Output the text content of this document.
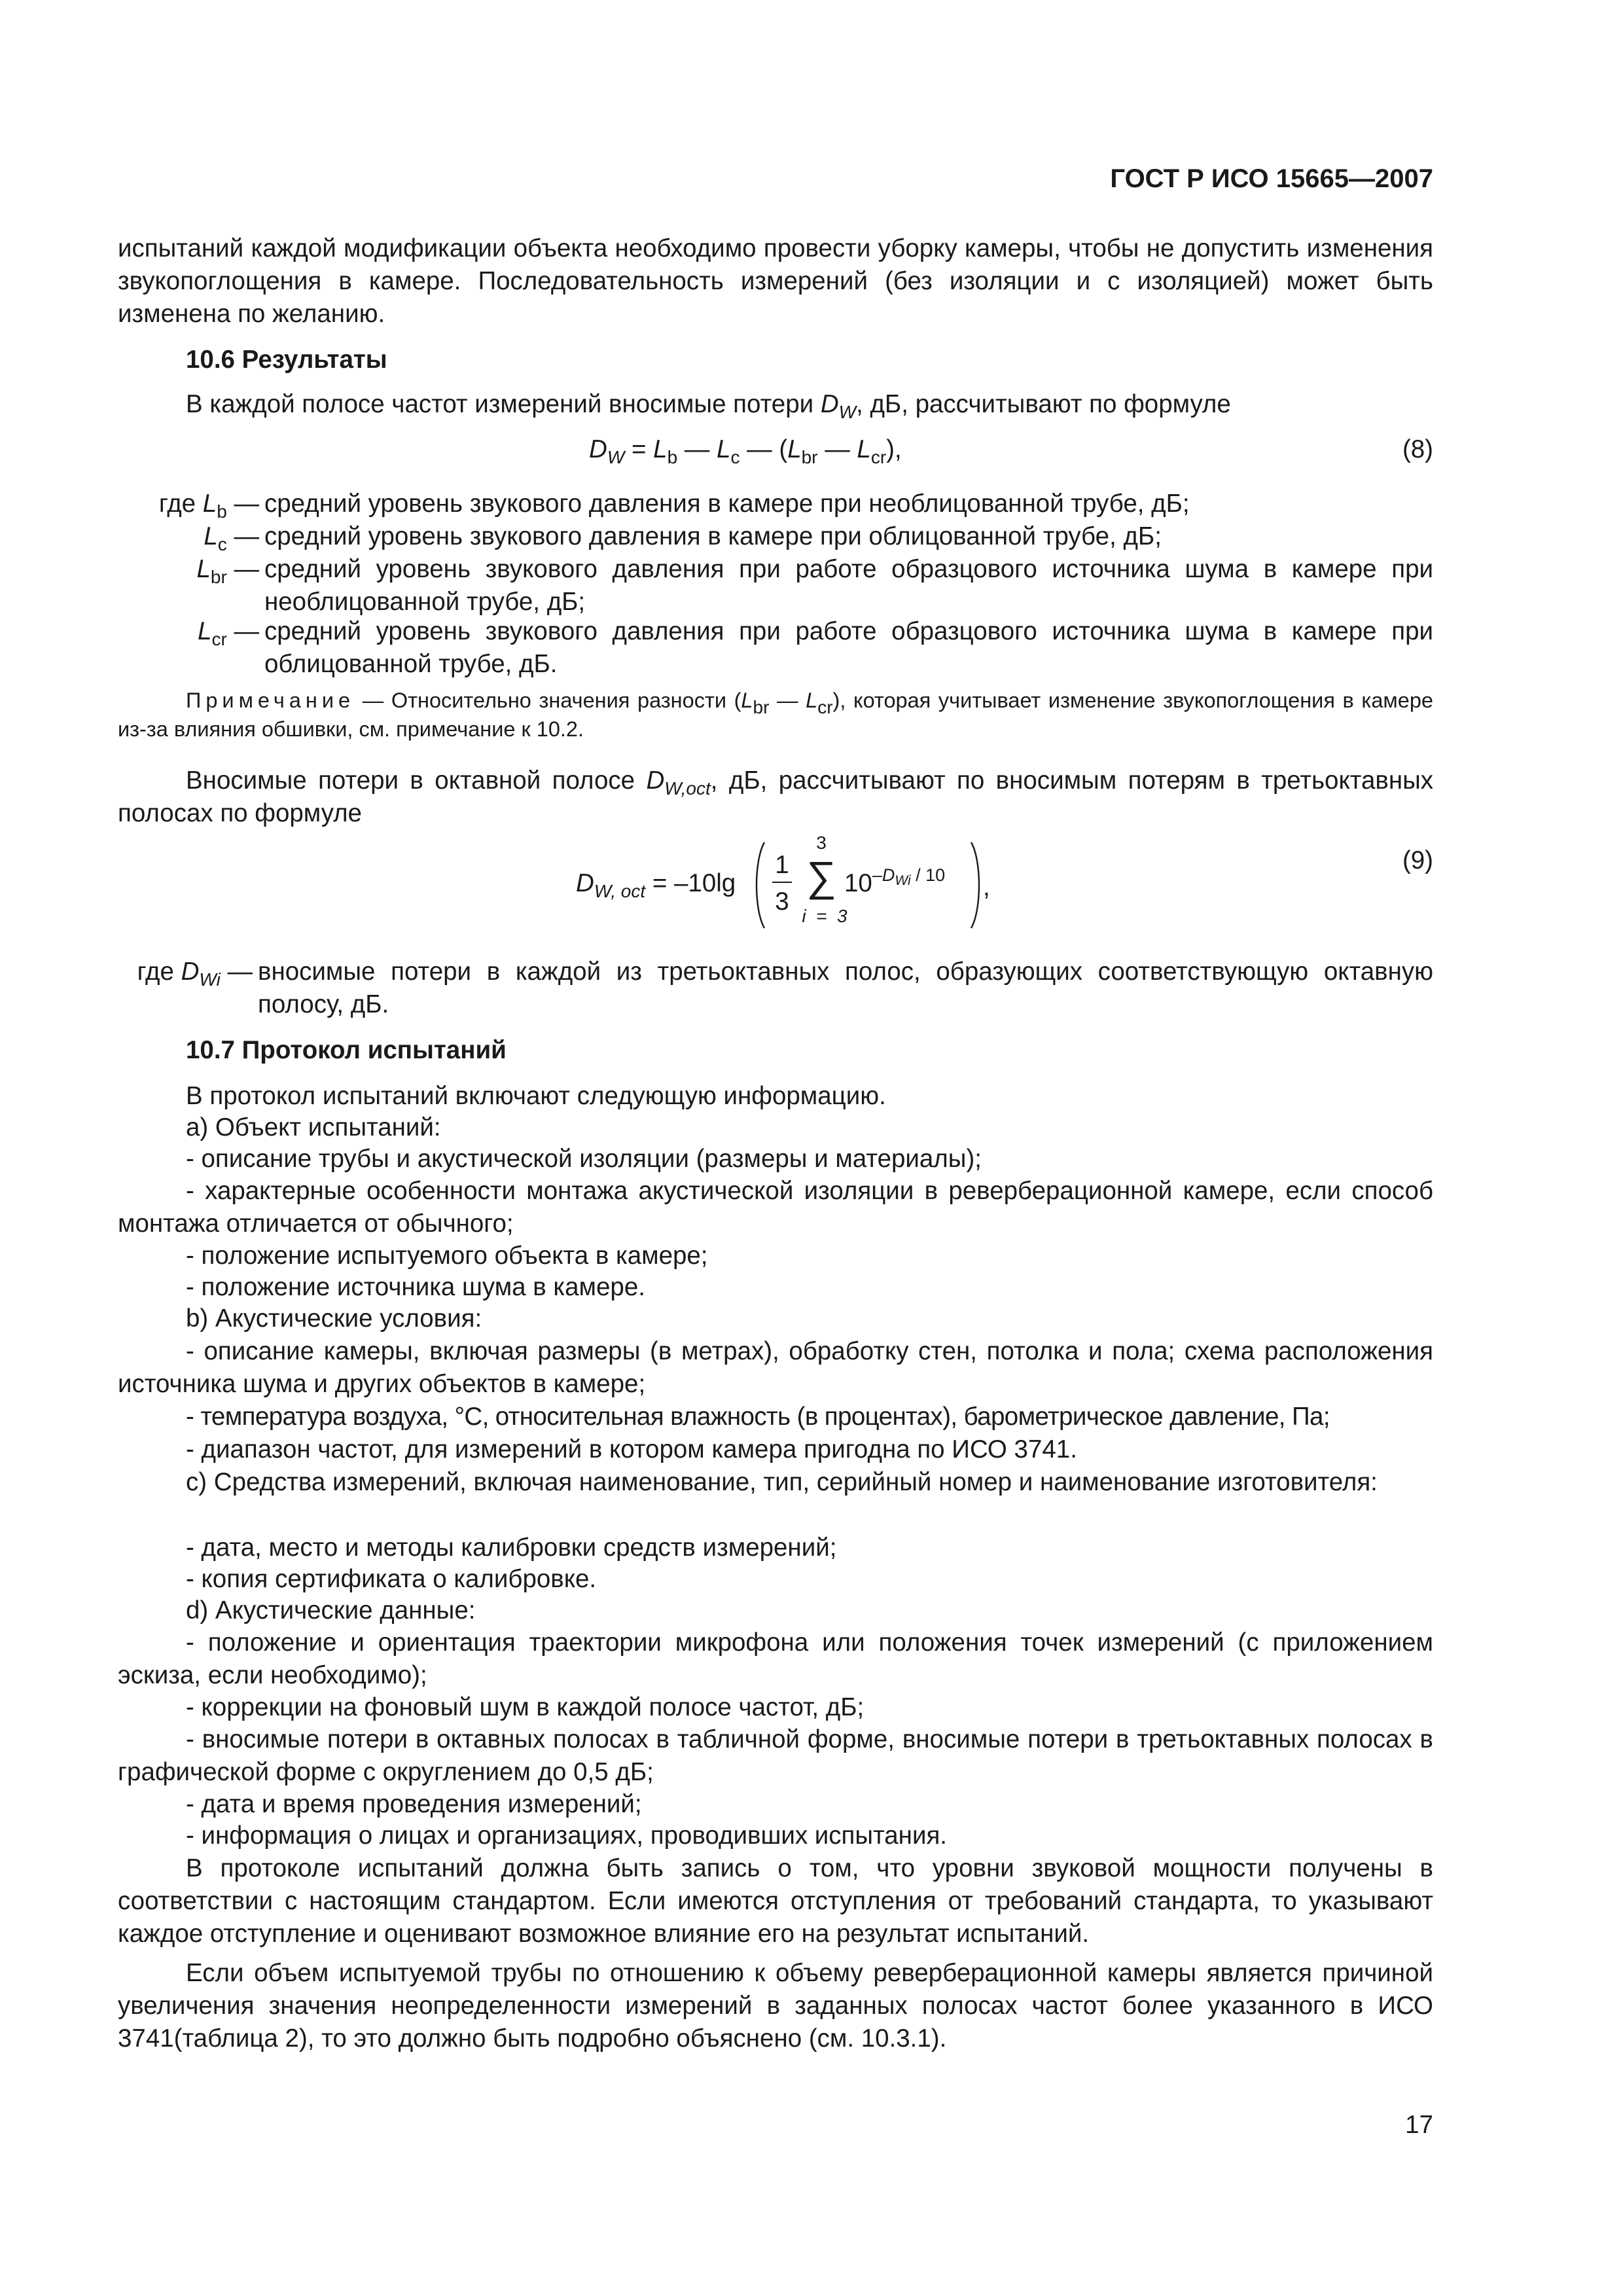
ГОСТ Р ИСО 15665—2007
испытаний каждой модификации объекта необходимо провести уборку камеры, чтобы не допустить изменения звукопоглощения в камере. Последовательность измерений (без изоляции и с изоляцией) может быть изменена по желанию.
10.6 Результаты
В каждой полосе частот измерений вносимые потери $D_W$, дБ, рассчитывают по формуле
$D_W = L_b$ — $L_c$ — ($L_{br}$ — $L_{cr}$),	(8)
где $L_b$ — средний уровень звукового давления в камере при необлицованной трубе, дБ;
$L_c$ — средний уровень звукового давления в камере при облицованной трубе, дБ;
$L_{br}$ — средний уровень звукового давления при работе образцового источника шума в камере при необлицованной трубе, дБ;
$L_{cr}$ — средний уровень звукового давления при работе образцового источника шума в камере при облицованной трубе, дБ.
Примечание — Относительно значения разности (Lbr — Lcr), которая учитывает изменение звукопоглощения в камере из-за влияния обшивки, см. примечание к 10.2.
Вносимые потери в октавной полосе $D_{W,oct}$, дБ, рассчитывают по вносимым потерям в третьоктавных полосах по формуле
$D_{W, oct} = -10\lg$
1
3
3
∑
i  =  3
$10^{-D_{Wi} / 10}$ ,
(9)
где $D_{Wi}$ — вносимые потери в каждой из третьоктавных полос, образующих соответствующую октавную полосу, дБ.
10.7 Протокол испытаний
В протокол испытаний включают следующую информацию.
a) Объект испытаний:
- описание трубы и акустической изоляции (размеры и материалы);
- характерные особенности монтажа акустической изоляции в реверберационной камере, если способ монтажа отличается от обычного;
- положение испытуемого объекта в камере;
- положение источника шума в камере.
b) Акустические условия:
- описание камеры, включая размеры (в метрах), обработку стен, потолка и пола; схема расположения источника шума и других объектов в камере;
- температура воздуха, °С, относительная влажность (в процентах), барометрическое давление, Па;
- диапазон частот, для измерений в котором камера пригодна по ИСО 3741.
c) Средства измерений, включая наименование, тип, серийный номер и наименование изготовителя:
- дата, место и методы калибровки средств измерений;
- копия сертификата о калибровке.
d) Акустические данные:
- положение и ориентация траектории микрофона или положения точек измерений (с приложением эскиза, если необходимо);
- коррекции на фоновый шум в каждой полосе частот, дБ;
- вносимые потери в октавных полосах в табличной форме, вносимые потери в третьоктавных полосах в графической форме с округлением до 0,5 дБ;
- дата и время проведения измерений;
- информация о лицах и организациях, проводивших испытания.
В протоколе испытаний должна быть запись о том, что уровни звуковой мощности получены в соответствии с настоящим стандартом. Если имеются отступления от требований стандарта, то указывают каждое отступление и оценивают возможное влияние его на результат испытаний.
Если объем испытуемой трубы по отношению к объему реверберационной камеры является причиной увеличения значения неопределенности измерений в заданных полосах частот более указанного в ИСО 3741(таблица 2), то это должно быть подробно объяснено (см. 10.3.1).
17
